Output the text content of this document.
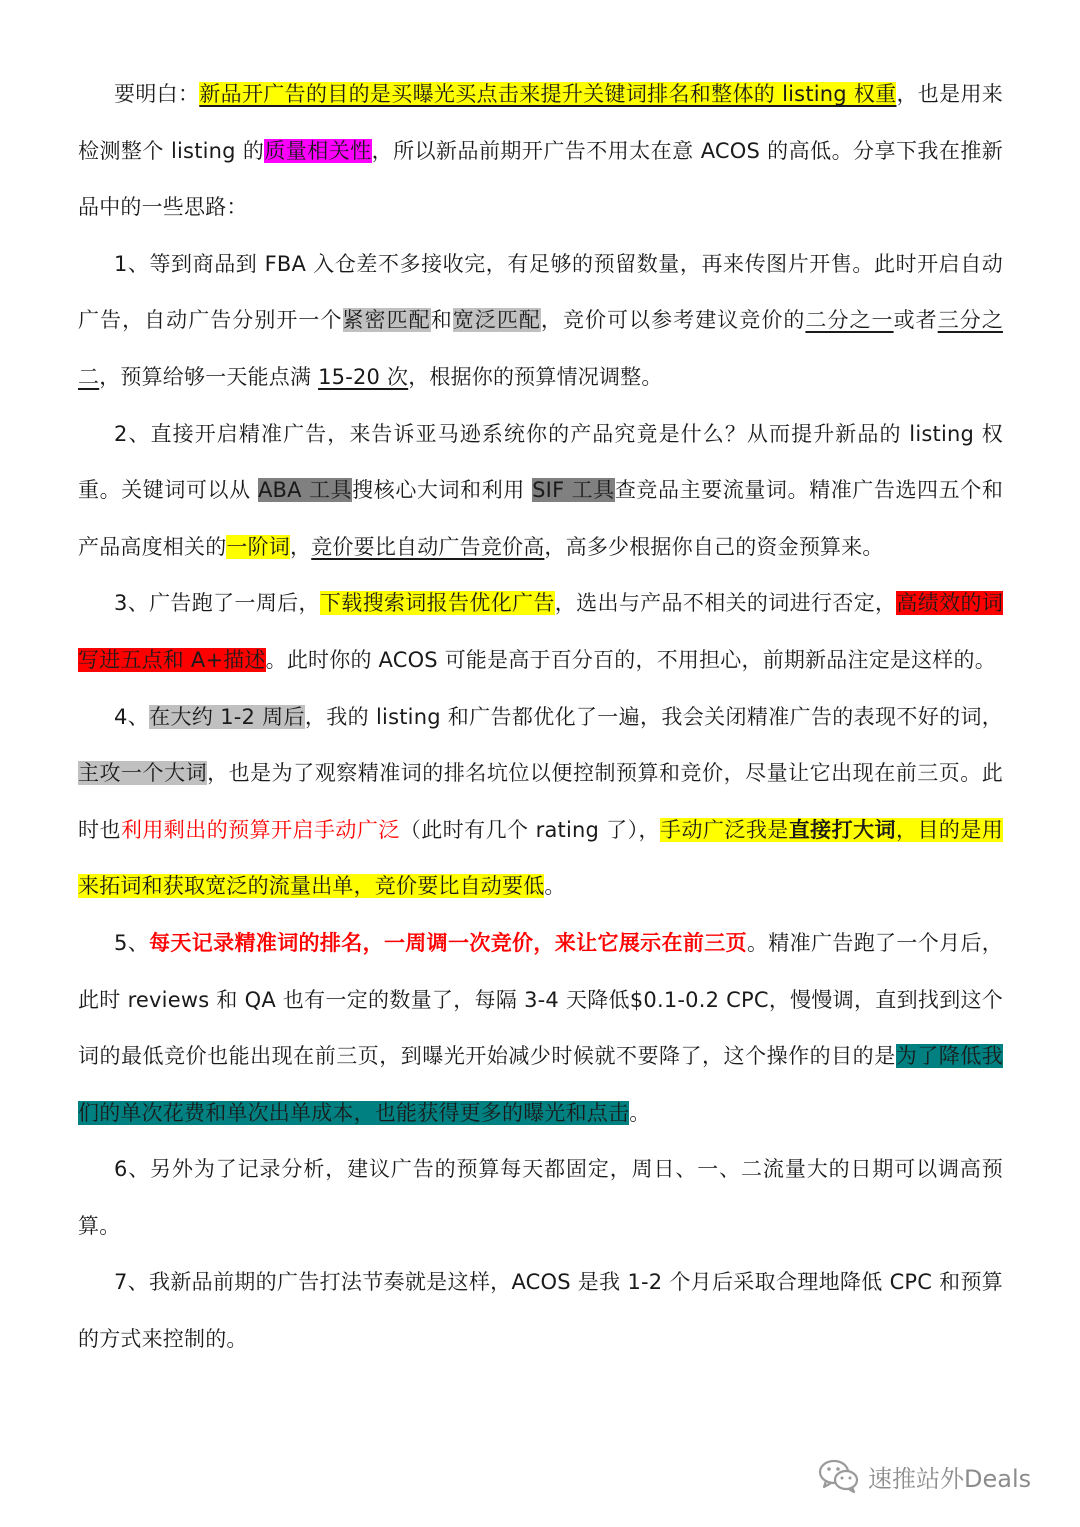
要明白：新品开广告的目的是买曝光买点击来提升关键词排名和整体的 listing 权重，也是用来检测整个 listing 的质量相关性，所以新品前期开广告不用太在意 ACOS 的高低。分享下我在推新品中的一些思路：

1、等到商品到 FBA 入仓差不多接收完，有足够的预留数量，再来传图片开售。此时开启自动广告，自动广告分别开一个紧密匹配和宽泛匹配，竞价可以参考建议竞价的二分之一或者三分之二，预算给够一天能点满 15-20 次，根据你的预算情况调整。

2、直接开启精准广告，来告诉亚马逊系统你的产品究竟是什么？从而提升新品的 listing 权重。关键词可以从 ABA 工具搜核心大词和利用 SIF 工具查竞品主要流量词。精准广告选四五个和产品高度相关的一阶词，竞价要比自动广告竞价高，高多少根据你自己的资金预算来。

3、广告跑了一周后，下载搜索词报告优化广告，选出与产品不相关的词进行否定，高绩效的词写进五点和 A+描述。此时你的 ACOS 可能是高于百分百的，不用担心，前期新品注定是这样的。

4、在大约 1-2 周后，我的 listing 和广告都优化了一遍，我会关闭精准广告的表现不好的词，主攻一个大词，也是为了观察精准词的排名坑位以便控制预算和竞价，尽量让它出现在前三页。此时也利用剩出的预算开启手动广泛（此时有几个 rating 了），手动广泛我是直接打大词，目的是用来拓词和获取宽泛的流量出单，竞价要比自动要低。

5、每天记录精准词的排名，一周调一次竞价，来让它展示在前三页。精准广告跑了一个月后，此时 reviews 和 QA 也有一定的数量了，每隔 3-4 天降低$0.1-0.2 CPC，慢慢调，直到找到这个词的最低竞价也能出现在前三页，到曝光开始减少时候就不要降了，这个操作的目的是为了降低我们的单次花费和单次出单成本，也能获得更多的曝光和点击。

6、另外为了记录分析，建议广告的预算每天都固定，周日、一、二流量大的日期可以调高预算。

7、我新品前期的广告打法节奏就是这样，ACOS 是我 1-2 个月后采取合理地降低 CPC 和预算的方式来控制的。

速推站外Deals
